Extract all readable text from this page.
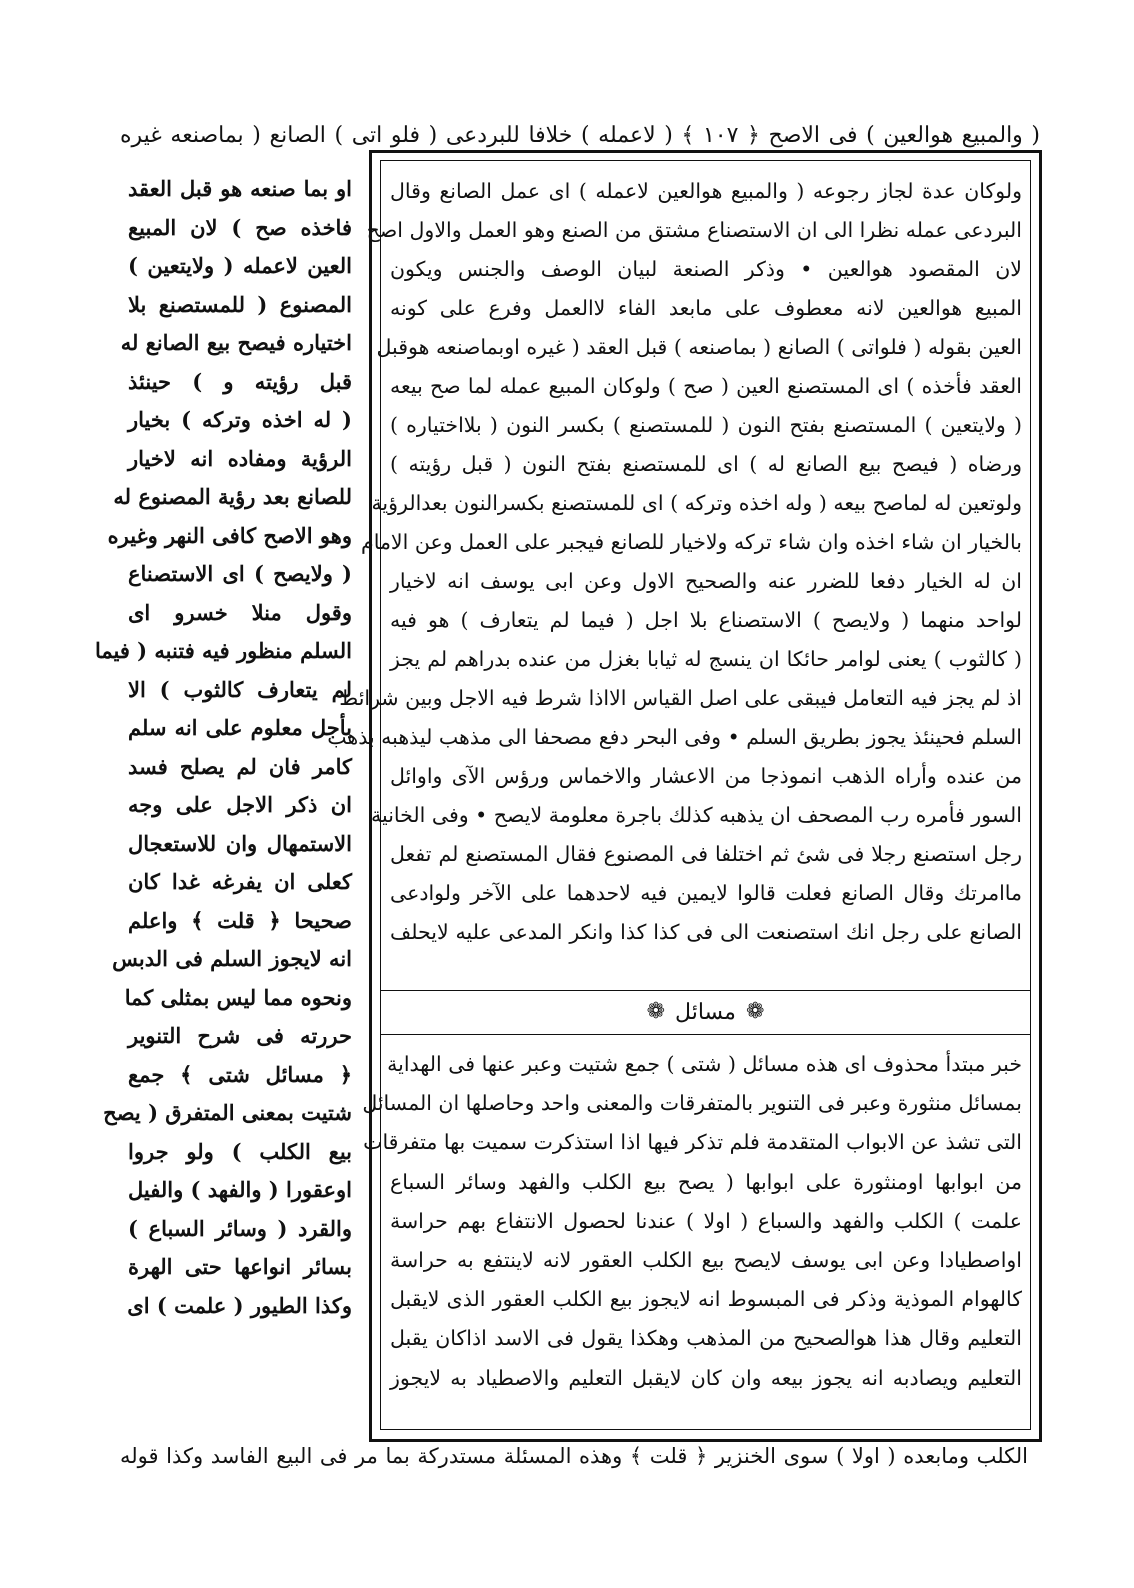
( والمبيع هوالعين ) فى الاصح ﴿ ١٠٧ ﴾ ( لاعمله ) خلافا للبردعى ( فلو اتى ) الصانع ( بماصنعه غيره
ولوكان عدة لجاز رجوعه ( والمبيع هوالعين لاعمله ) اى عمل الصانع وقال
البردعى عمله نظرا الى ان الاستصناع مشتق من الصنع وهو العمل والاول اصح
لان المقصود هوالعين • وذكر الصنعة لبيان الوصف والجنس ويكون
المبيع هوالعين لانه معطوف على مابعد الفاء لاالعمل وفرع على كونه
العين بقوله ( فلواتى ) الصانع ( بماصنعه ) قبل العقد ( غيره اوبماصنعه هوقبل
العقد فأخذه ) اى المستصنع العين ( صح ) ولوكان المبيع عمله لما صح بيعه
( ولايتعين ) المستصنع بفتح النون ( للمستصنع ) بكسر النون ( بلااختياره )
ورضاه ( فيصح بيع الصانع له ) اى للمستصنع بفتح النون ( قبل رؤيته )
ولوتعين له لماصح بيعه ( وله اخذه وتركه ) اى للمستصنع بكسرالنون بعدالرؤية
بالخيار ان شاء اخذه وان شاء تركه ولاخيار للصانع فيجبر على العمل وعن الامام
ان له الخيار دفعا للضرر عنه والصحيح الاول وعن ابى يوسف انه لاخيار
لواحد منهما ( ولايصح ) الاستصناع بلا اجل ( فيما لم يتعارف ) هو فيه
( كالثوب ) يعنى لوامر حائكا ان ينسج له ثيابا بغزل من عنده بدراهم لم يجز
اذ لم يجز فيه التعامل فيبقى على اصل القياس الااذا شرط فيه الاجل وبين شرائط
السلم فحينئذ يجوز بطريق السلم • وفى البحر دفع مصحفا الى مذهب ليذهبه بذهب
من عنده وأراه الذهب انموذجا من الاعشار والاخماس ورؤس الآى واوائل
السور فأمره رب المصحف ان يذهبه كذلك باجرة معلومة لايصح • وفى الخانية
رجل استصنع رجلا فى شئ ثم اختلفا فى المصنوع فقال المستصنع لم تفعل
ماامرتك وقال الصانع فعلت قالوا لايمين فيه لاحدهما على الآخر ولوادعى
الصانع على رجل انك استصنعت الى فى كذا كذا وانكر المدعى عليه لايحلف
❁
مسائل
❁
خبر مبتدأ محذوف اى هذه مسائل ( شتى ) جمع شتيت وعبر عنها فى الهداية
بمسائل منثورة وعبر فى التنوير بالمتفرقات والمعنى واحد وحاصلها ان المسائل
التى تشذ عن الابواب المتقدمة فلم تذكر فيها اذا استذكرت سميت بها متفرقات
من ابوابها اومنثورة على ابوابها ( يصح بيع الكلب والفهد وسائر السباع
علمت ) الكلب والفهد والسباع ( اولا ) عندنا لحصول الانتفاع بهم حراسة
اواصطيادا وعن ابى يوسف لايصح بيع الكلب العقور لانه لاينتفع به حراسة
كالهوام الموذية وذكر فى المبسوط انه لايجوز بيع الكلب العقور الذى لايقبل
التعليم وقال هذا هوالصحيح من المذهب وهكذا يقول فى الاسد اذاكان يقبل
التعليم ويصادبه انه يجوز بيعه وان كان لايقبل التعليم والاصطياد به لايجوز
او بما صنعه هو قبل العقد
فاخذه صح ) لان المبيع
العين لاعمله ( ولايتعين )
المصنوع ( للمستصنع بلا
اختياره فيصح بيع الصانع له
قبل رؤيته و ) حينئذ
( له اخذه وتركه ) بخيار
الرؤية ومفاده انه لاخيار
للصانع بعد رؤية المصنوع له
وهو الاصح كافى النهر وغيره
( ولايصح ) اى الاستصناع
وقول منلا خسرو اى
السلم منظور فيه فتنبه ( فيما
لم يتعارف كالثوب ) الا
بأجل معلوم على انه سلم
كامر فان لم يصلح فسد
ان ذكر الاجل على وجه
الاستمهال وان للاستعجال
كعلى ان يفرغه غدا كان
صحيحا ﴿ قلت ﴾ واعلم
انه لايجوز السلم فى الدبس
ونحوه مما ليس بمثلى كما
حررته فى شرح التنوير
﴿ مسائل شتى ﴾ جمع
شتيت بمعنى المتفرق ( يصح
بيع الكلب ) ولو جروا
اوعقورا ( والفهد ) والفيل
والقرد ( وسائر السباع )
بسائر انواعها حتى الهرة
وكذا الطيور ( علمت ) اى
الكلب ومابعده ( اولا ) سوى الخنزير ﴿ قلت ﴾ وهذه المسئلة مستدركة بما مر فى البيع الفاسد وكذا قوله
